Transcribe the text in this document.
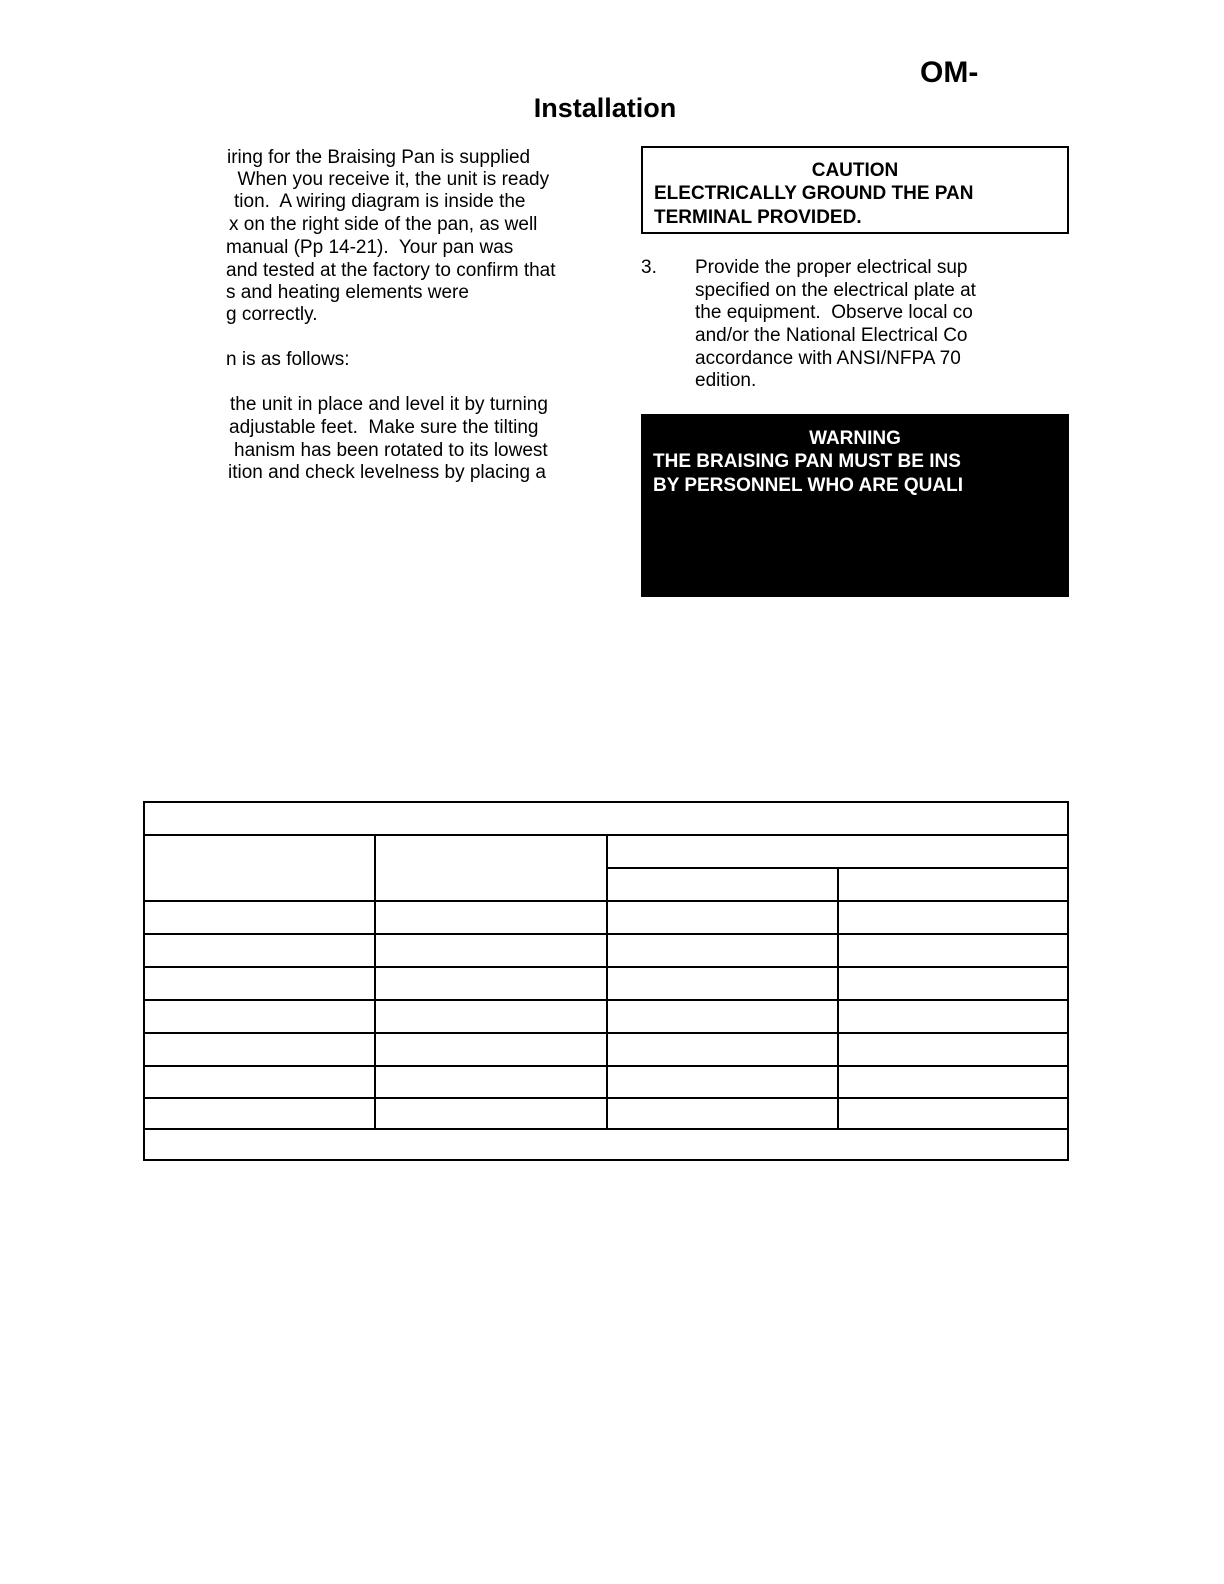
OM-
Installation
iring for the Braising Pan is supplied
When you receive it, the unit is ready
tion.  A wiring diagram is inside the
x on the right side of the pan, as well
manual (Pp 14-21).  Your pan was
and tested at the factory to confirm that
s and heating elements were
g correctly.
n is as follows:
the unit in place and level it by turning
adjustable feet.  Make sure the tilting
hanism has been rotated to its lowest
ition and check levelness by placing a
CAUTION
ELECTRICALLY GROUND THE PAN
TERMINAL PROVIDED.
3. Provide the proper electrical sup
specified on the electrical plate at
the equipment.  Observe local co
and/or the National Electrical Co
accordance with ANSI/NFPA 70
edition.
WARNING
THE BRAISING PAN MUST BE INS
BY PERSONNEL WHO ARE QUALI
